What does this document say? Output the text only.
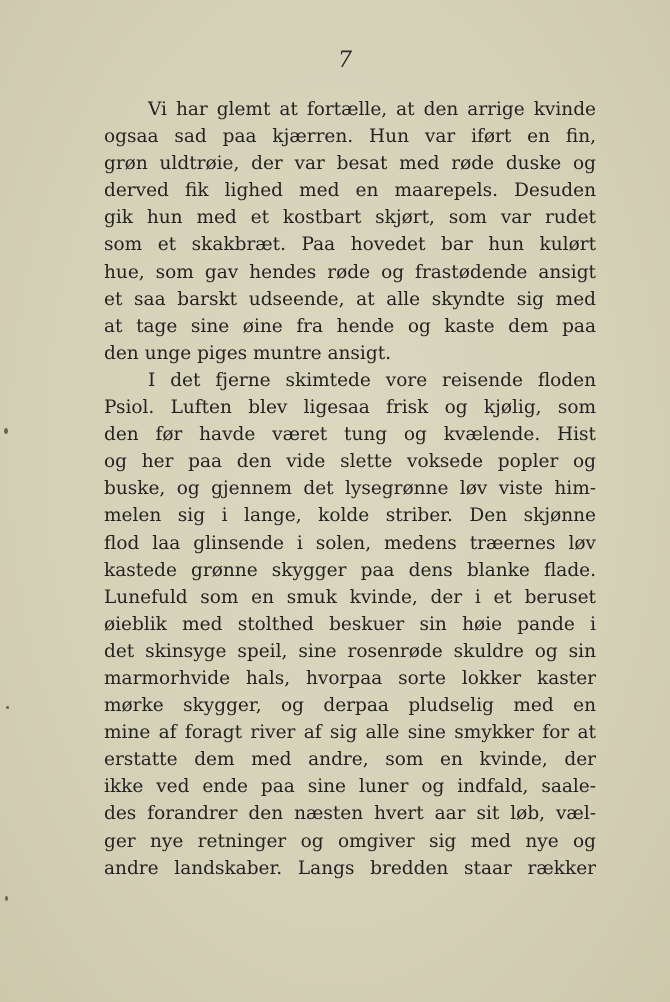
7
Vi har glemt at fortælle, at den arrige kvinde
ogsaa sad paa kjærren. Hun var iført en fin,
grøn uldtrøie, der var besat med røde duske og
derved fik lighed med en maarepels. Desuden
gik hun med et kostbart skjørt, som var rudet
som et skakbræt. Paa hovedet bar hun kulørt
hue, som gav hendes røde og frastødende ansigt
et saa barskt udseende, at alle skyndte sig med
at tage sine øine fra hende og kaste dem paa
den unge piges muntre ansigt.
I det fjerne skimtede vore reisende floden
Psiol. Luften blev ligesaa frisk og kjølig, som
den før havde været tung og kvælende. Hist
og her paa den vide slette voksede popler og
buske, og gjennem det lysegrønne løv viste him-
melen sig i lange, kolde striber. Den skjønne
flod laa glinsende i solen, medens træernes løv
kastede grønne skygger paa dens blanke flade.
Lunefuld som en smuk kvinde, der i et beruset
øieblik med stolthed beskuer sin høie pande i
det skinsyge speil, sine rosenrøde skuldre og sin
marmorhvide hals, hvorpaa sorte lokker kaster
mørke skygger, og derpaa pludselig med en
mine af foragt river af sig alle sine smykker for at
erstatte dem med andre, som en kvinde, der
ikke ved ende paa sine luner og indfald, saale-
des forandrer den næsten hvert aar sit løb, væl-
ger nye retninger og omgiver sig med nye og
andre landskaber. Langs bredden staar rækker
